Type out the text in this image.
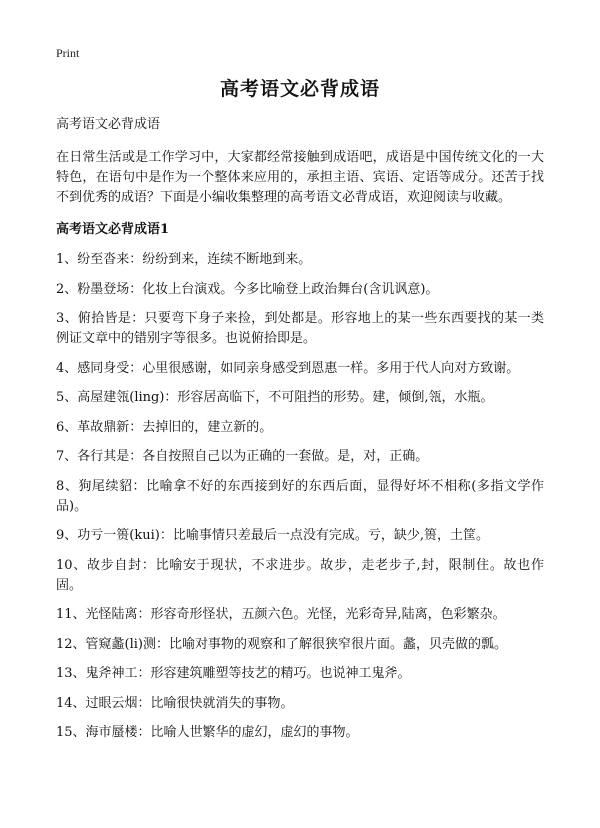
Print
高考语文必背成语
高考语文必背成语

在日常生活或是工作学习中，大家都经常接触到成语吧，成语是中国传统文化的一大特色，在语句中是作为一个整体来应用的，承担主语、宾语、定语等成分。还苦于找不到优秀的成语？下面是小编收集整理的高考语文必背成语，欢迎阅读与收藏。

高考语文必背成语1
1、纷至沓来：纷纷到来，连续不断地到来。
2、粉墨登场：化妆上台演戏。今多比喻登上政治舞台(含讥讽意)。
3、俯拾皆是：只要弯下身子来捡，到处都是。形容地上的某一些东西要找的某一类例证文章中的错别字等很多。也说俯拾即是。
4、感同身受：心里很感谢，如同亲身感受到恩惠一样。多用于代人向对方致谢。
5、高屋建瓴(ling)：形容居高临下，不可阻挡的形势。建，倾倒,瓴，水瓶。
6、革故鼎新：去掉旧的，建立新的。
7、各行其是：各自按照自己以为正确的一套做。是，对，正确。
8、狗尾续貂：比喻拿不好的东西接到好的东西后面，显得好坏不相称(多指文学作品)。
9、功亏一篑(kui)：比喻事情只差最后一点没有完成。亏，缺少,篑，土筐。
10、故步自封：比喻安于现状，不求进步。故步，走老步子,封，限制住。故也作固。
11、光怪陆离：形容奇形怪状，五颜六色。光怪，光彩奇异,陆离，色彩繁杂。
12、管窥蠡(li)测：比喻对事物的观察和了解很狭窄很片面。蠡，贝壳做的瓢。
13、鬼斧神工：形容建筑雕塑等技艺的精巧。也说神工鬼斧。
14、过眼云烟：比喻很快就消失的事物。
15、海市蜃楼：比喻人世繁华的虚幻，虚幻的事物。
